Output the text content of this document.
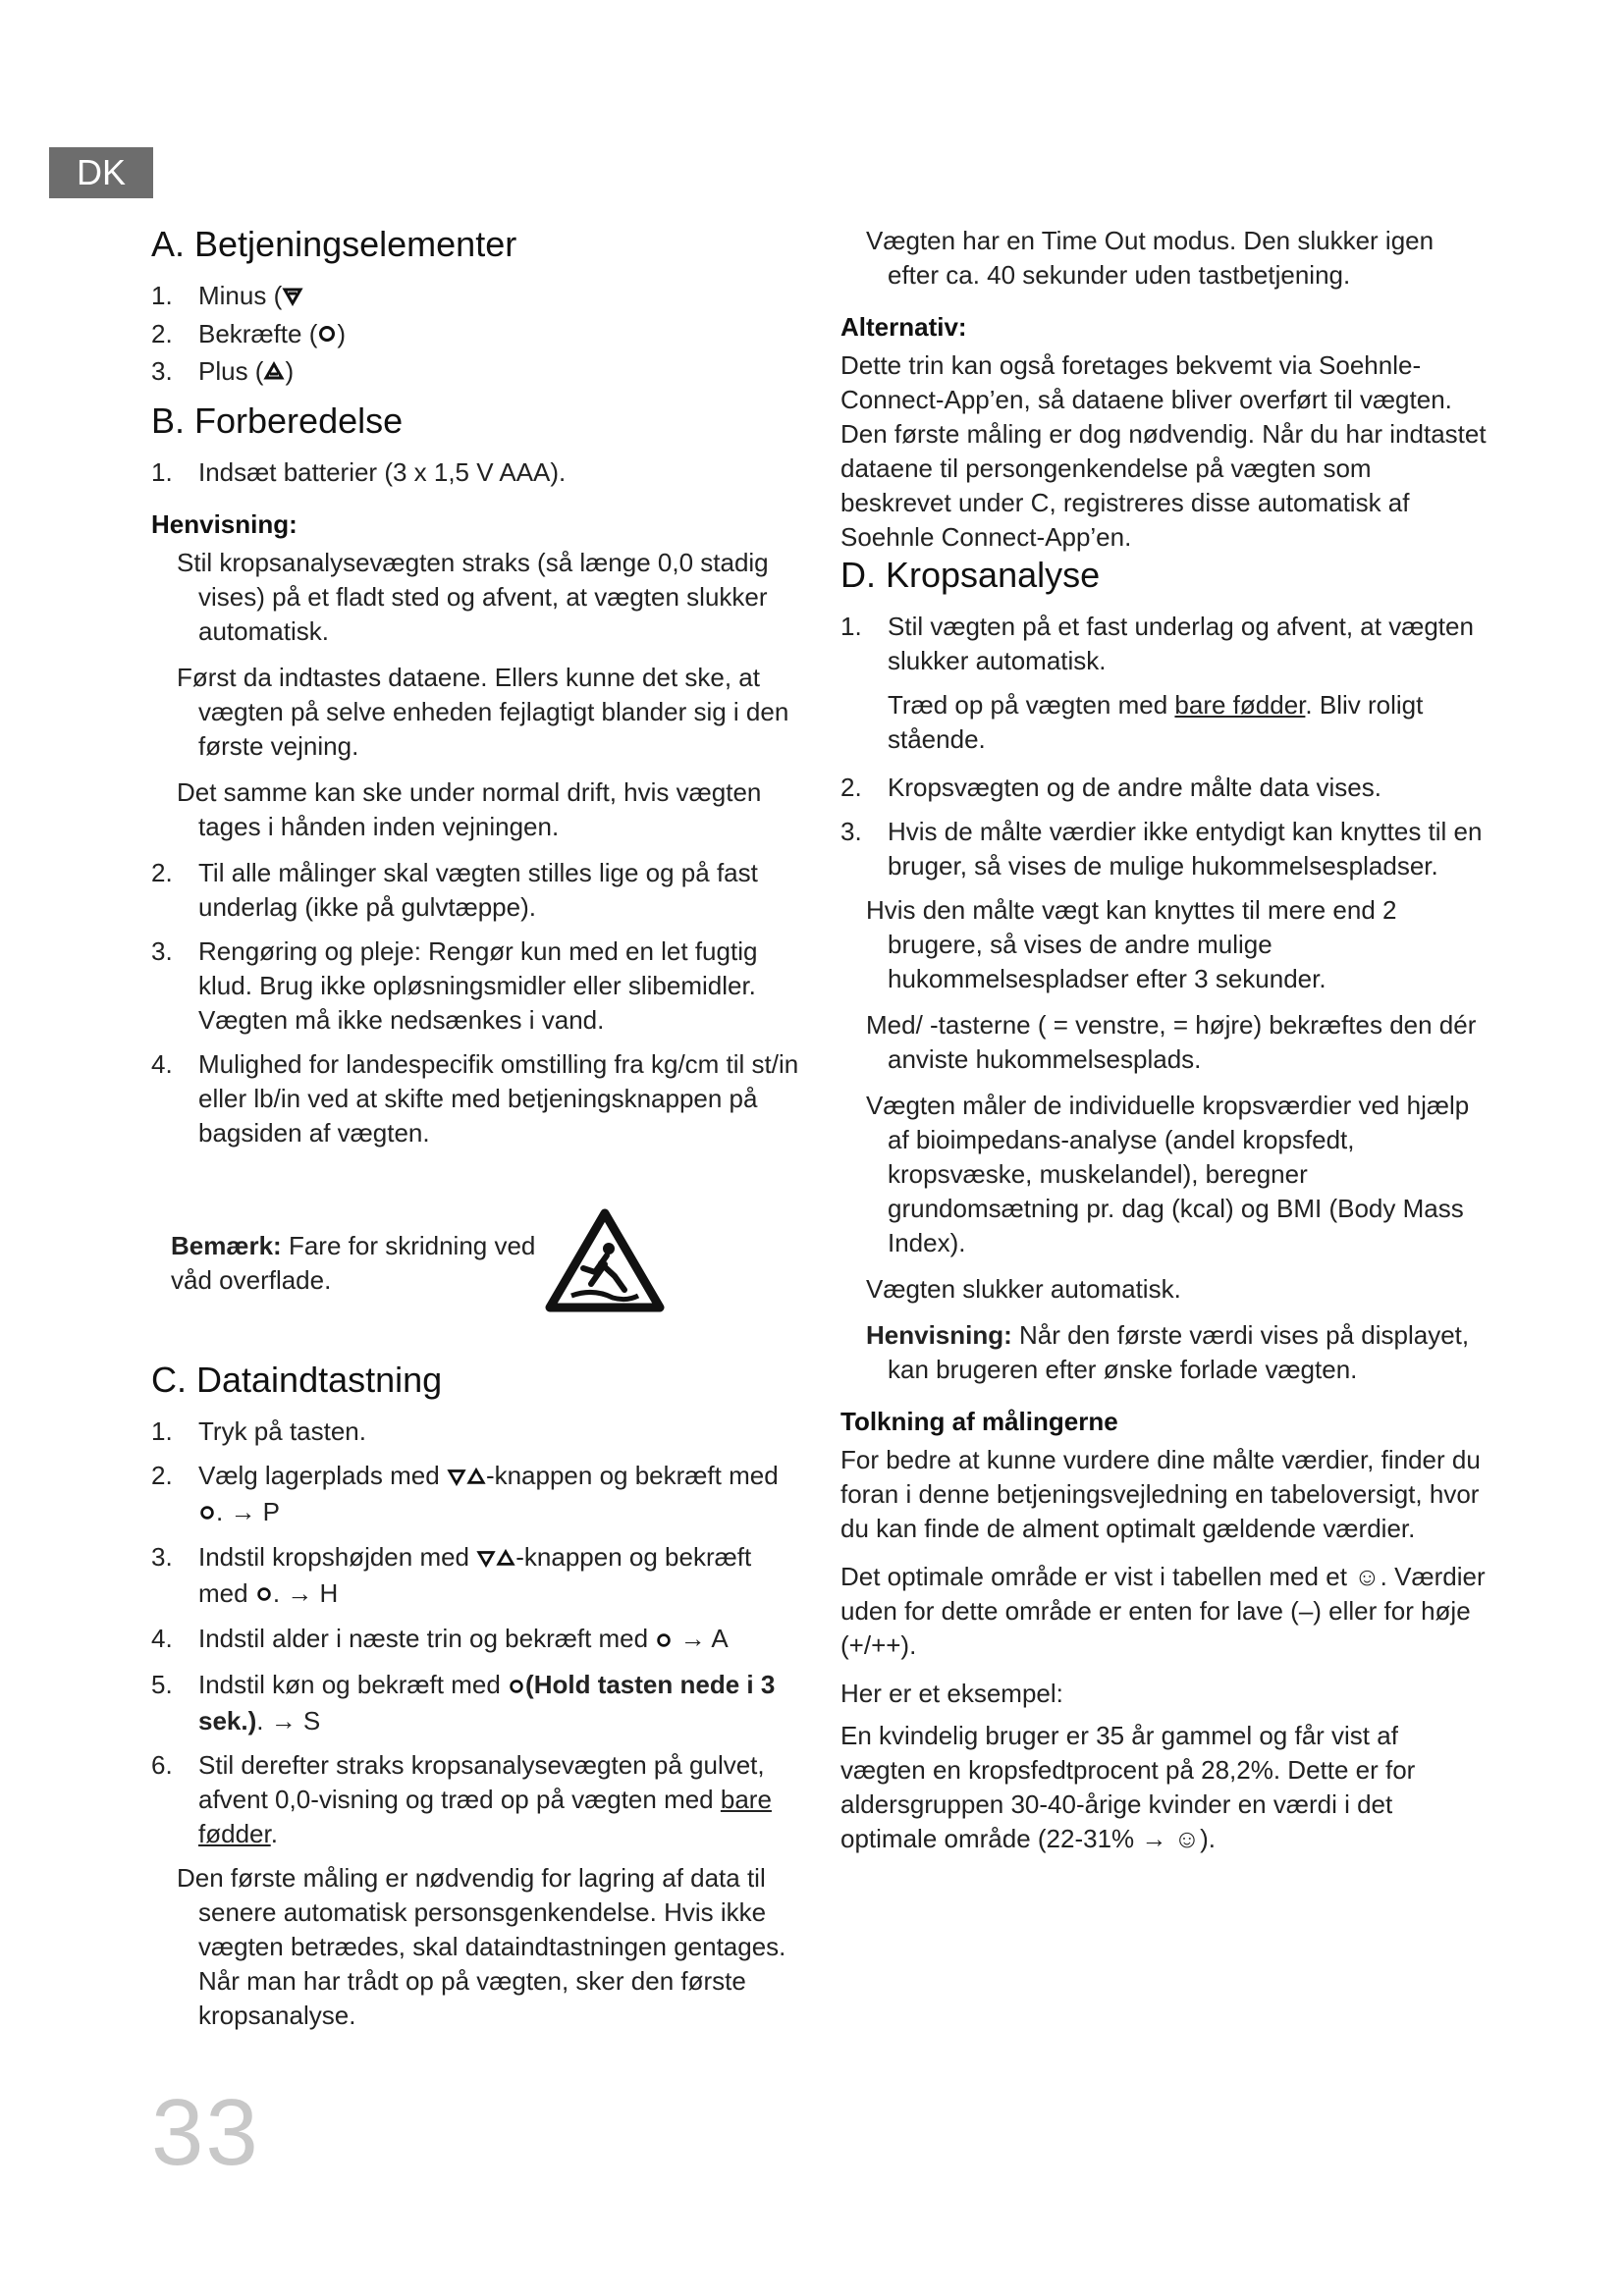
DK
A. Betjeningselementer
1.	Minus (
2.	Bekræfte ( )
3.	Plus ( )
B. Forberedelse
1.	Indsæt batterier (3 x 1,5 V AAA).
Henvisning:

Stil kropsanalysevægten straks (så længe 0,0 stadig vises) på et fladt sted og afvent, at vægten slukker automatisk.

Først da indtastes dataene. Ellers kunne det ske, at vægten på selve enheden fejlagtigt blander sig i den første vejning.

Det samme kan ske under normal drift, hvis vægten tages i hånden inden vejningen.

2.	Til alle målinger skal vægten stilles lige og på fast underlag (ikke på gulvtæppe).
3.	Rengøring og pleje: Rengør kun med en let fugtig klud. Brug ikke opløsningsmidler eller slibemidler. Vægten må ikke nedsænkes i vand.
4.	Mulighed for landespecifik omstilling fra kg/cm til st/in eller lb/in ved at skifte med betjeningsknappen på bagsiden af vægten.
Bemærk: Fare for skridning ved våd overflade.
C. Dataindtastning
1.	Tryk på tasten.
2.	Vælg lagerplads med -knappen og bekræft med . → P
3.	Indstil kropshøjden med -knappen og bekræft med . → H
4.	Indstil alder i næste trin og bekræft med  → A
5.	Indstil køn og bekræft med (Hold tasten nede i 3 sek.). → S
6.	Stil derefter straks kropsanalysevægten på gulvet, afvent 0,0-visning og træd op på vægten med bare fødder.

Den første måling er nødvendig for lagring af data til senere automatisk personsgenkendelse. Hvis ikke vægten betrædes, skal dataindtastningen gentages. Når man har trådt op på vægten, sker den første kropsanalyse.

Vægten har en Time Out modus. Den slukker igen efter ca. 40 sekunder uden tastbetjening.

Alternativ:

Dette trin kan også foretages bekvemt via Soehnle-Connect-App’en, så dataene bliver overført til vægten. Den første måling er dog nødvendig. Når du har indtastet dataene til persongenkendelse på vægten som beskrevet under C, registreres disse automatisk af Soehnle Connect-App’en.

D. Kropsanalyse
1.	Stil vægten på et fast underlag og afvent, at vægten slukker automatisk.

Træd op på vægten med bare fødder. Bliv roligt stående.

2.	Kropsvægten og de andre målte data vises.
3.	Hvis de målte værdier ikke entydigt kan knyttes til en bruger, så vises de mulige hukommelsespladser.

Hvis den målte vægt kan knyttes til mere end 2 brugere, så vises de andre mulige hukommelsespladser efter 3 sekunder.

Med/ -tasterne ( = venstre, = højre) bekræftes den dér anviste hukommelsesplads.

Vægten måler de individuelle kropsværdier ved hjælp af bioimpedans-analyse (andel kropsfedt, kropsvæske, muskelandel), beregner grundomsætning pr. dag (kcal) og BMI (Body Mass Index).

Vægten slukker automatisk.

Henvisning: Når den første værdi vises på displayet, kan brugeren efter ønske forlade vægten.

Tolkning af målingerne

For bedre at kunne vurdere dine målte værdier, finder du foran i denne betjeningsvejledning en tabeloversigt, hvor du kan finde de alment optimalt gældende værdier.

Det optimale område er vist i tabellen med et ☺. Værdier uden for dette område er enten for lave (–) eller for høje (+/++).

Her er et eksempel:

En kvindelig bruger er 35 år gammel og får vist af vægten en kropsfedtprocent på 28,2%. Dette er for aldersgruppen 30-40-årige kvinder en værdi i det optimale område (22-31% → ☺).

33
